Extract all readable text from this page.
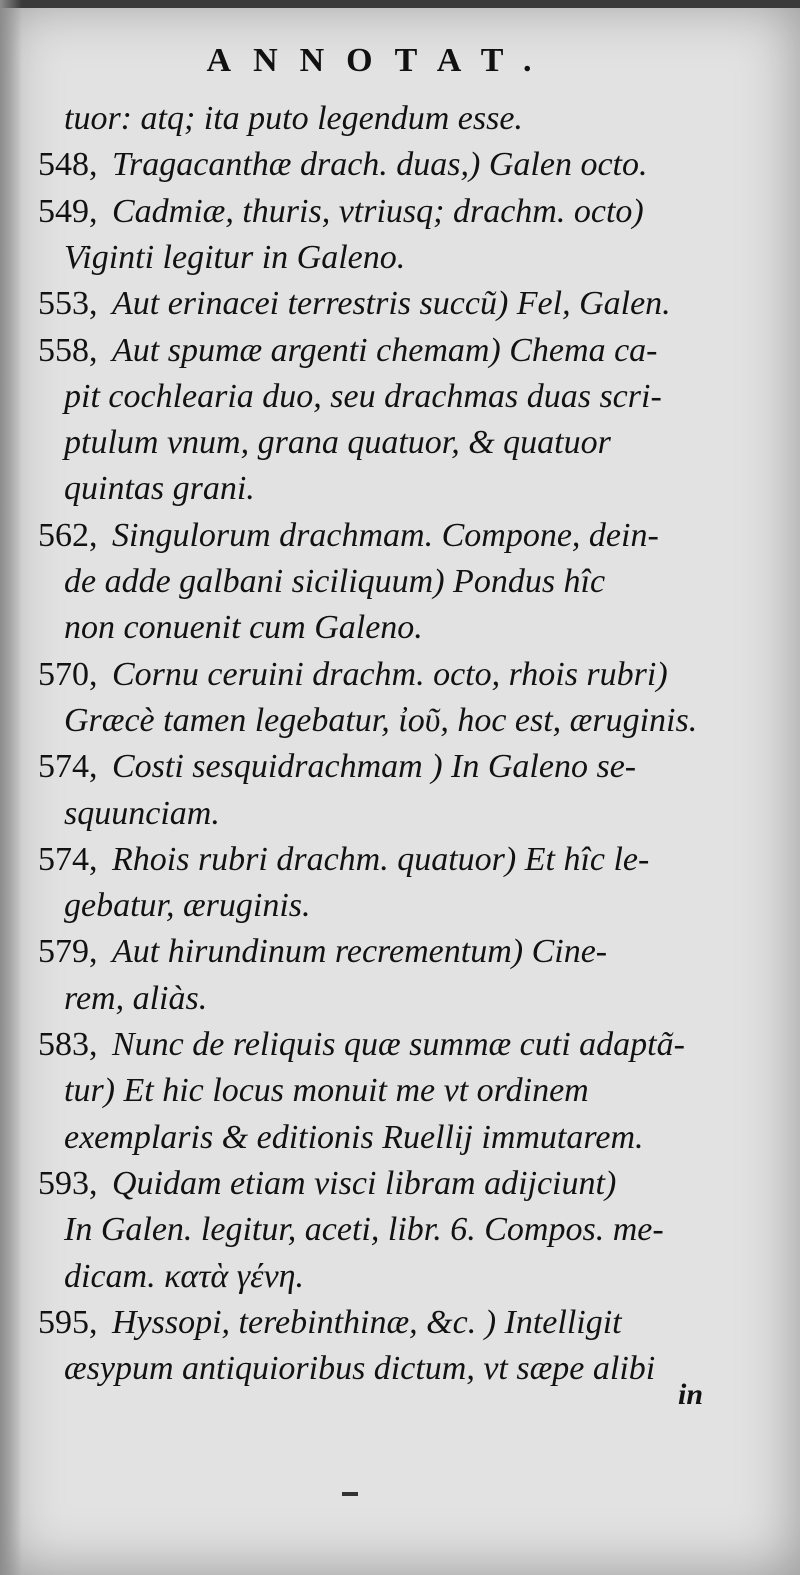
ANNOTAT.
tuor: atq; ita puto legendum esse.
548, Tragacanthæ drach. duas,) Galen octo.
549, Cadmiæ, thuris, vtriusq; drachm. octo)
Viginti legitur in Galeno.
553, Aut erinacei terrestris succũ) Fel, Galen.
558, Aut spumæ argenti chemam) Chema ca-
pit cochlearia duo, seu drachmas duas scri-
ptulum vnum, grana quatuor, & quatuor
quintas grani.
562, Singulorum drachmam. Compone, dein-
de adde galbani siciliquum) Pondus hîc
non conuenit cum Galeno.
570, Cornu ceruini drachm. octo, rhois rubri)
Græcè tamen legebatur, ἰοῦ, hoc est, æruginis.
574, Costi sesquidrachmam ) In Galeno se-
squunciam.
574, Rhois rubri drachm. quatuor) Et hîc le-
gebatur, æruginis.
579, Aut hirundinum recrementum) Cine-
rem, aliàs.
583, Nunc de reliquis quæ summæ cuti adaptã-
tur) Et hic locus monuit me vt ordinem
exemplaris & editionis Ruellij immutarem.
593, Quidam etiam visci libram adijciunt)
In Galen. legitur, aceti, libr. 6. Compos. me-
dicam. κατὰ γένη.
595, Hyssopi, terebinthinæ, &c. ) Intelligit
æsypum antiquioribus dictum, vt sæpe alibi
in
